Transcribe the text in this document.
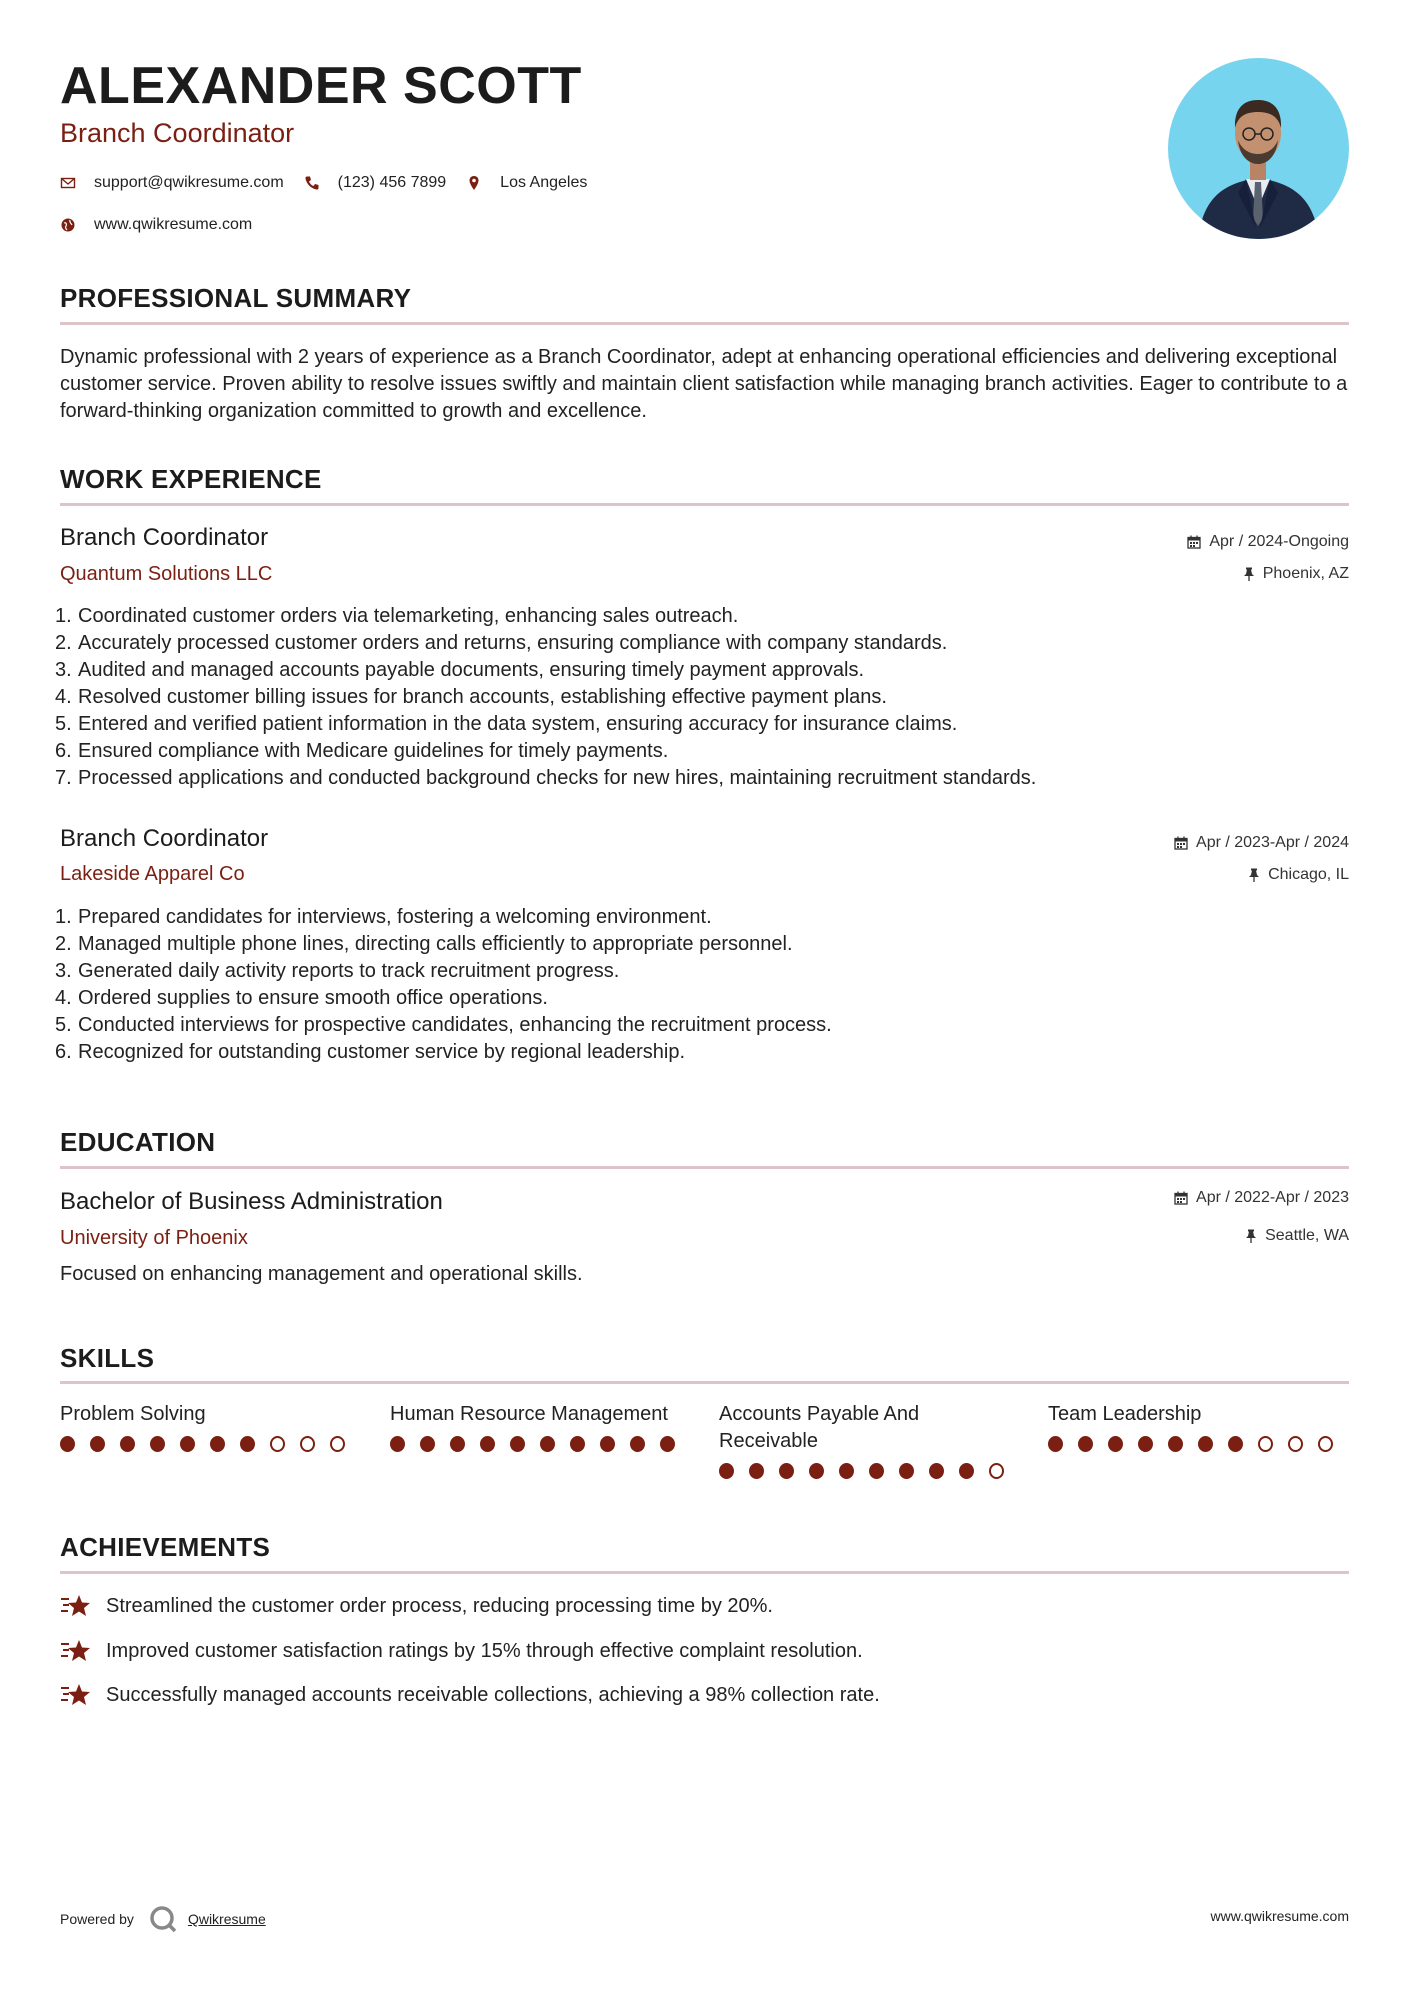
ALEXANDER SCOTT
Branch Coordinator
support@qwikresume.com	(123) 456 7899	Los Angeles
www.qwikresume.com
PROFESSIONAL SUMMARY
Dynamic professional with 2 years of experience as a Branch Coordinator, adept at enhancing operational efficiencies and delivering exceptional customer service. Proven ability to resolve issues swiftly and maintain client satisfaction while managing branch activities. Eager to contribute to a forward-thinking organization committed to growth and excellence.
WORK EXPERIENCE
Branch Coordinator
Quantum Solutions LLC
Apr / 2024-Ongoing
Phoenix, AZ
1. Coordinated customer orders via telemarketing, enhancing sales outreach.
2. Accurately processed customer orders and returns, ensuring compliance with company standards.
3. Audited and managed accounts payable documents, ensuring timely payment approvals.
4. Resolved customer billing issues for branch accounts, establishing effective payment plans.
5. Entered and verified patient information in the data system, ensuring accuracy for insurance claims.
6. Ensured compliance with Medicare guidelines for timely payments.
7. Processed applications and conducted background checks for new hires, maintaining recruitment standards.
Branch Coordinator
Lakeside Apparel Co
Apr / 2023-Apr / 2024
Chicago, IL
1. Prepared candidates for interviews, fostering a welcoming environment.
2. Managed multiple phone lines, directing calls efficiently to appropriate personnel.
3. Generated daily activity reports to track recruitment progress.
4. Ordered supplies to ensure smooth office operations.
5. Conducted interviews for prospective candidates, enhancing the recruitment process.
6. Recognized for outstanding customer service by regional leadership.
EDUCATION
Bachelor of Business Administration
University of Phoenix
Apr / 2022-Apr / 2023
Seattle, WA
Focused on enhancing management and operational skills.
SKILLS
Problem Solving	Human Resource Management	Accounts Payable And Receivable
Team Leadership
ACHIEVEMENTS
Streamlined the customer order process, reducing processing time by 20%.
Improved customer satisfaction ratings by 15% through effective complaint resolution.
Successfully managed accounts receivable collections, achieving a 98% collection rate.
Powered by	Qwikresume	www.qwikresume.com
